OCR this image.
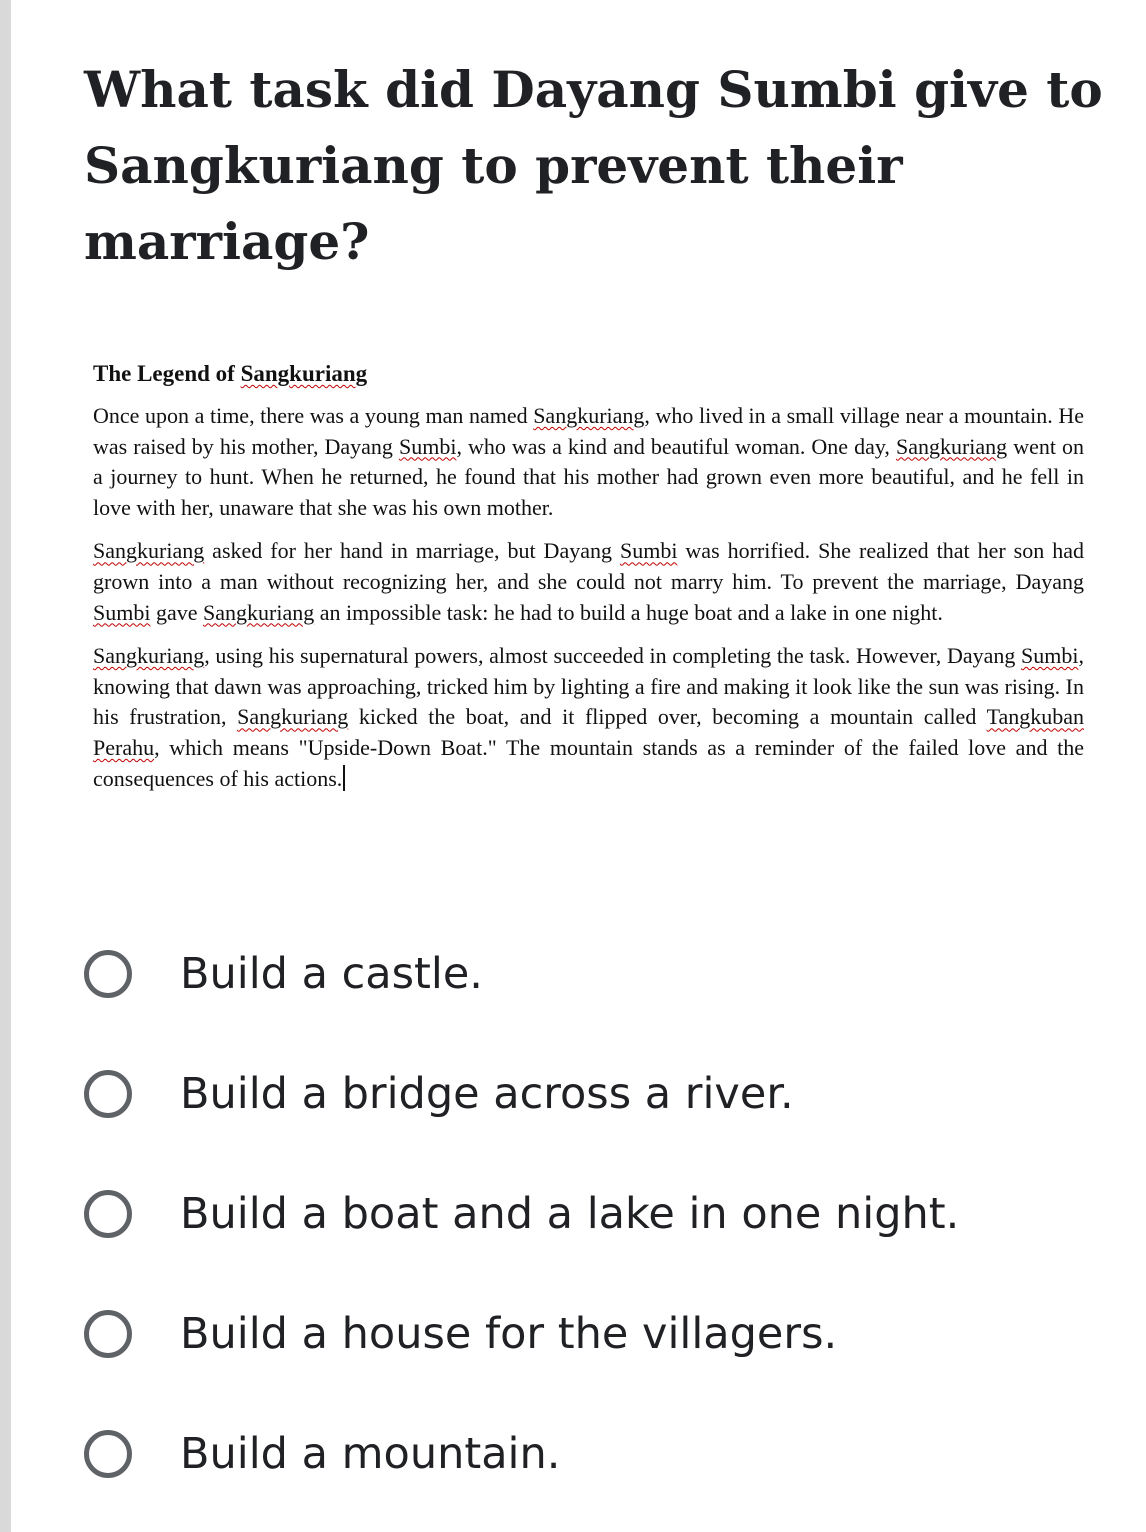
What task did Dayang Sumbi give to Sangkuriang to prevent their marriage?

The Legend of Sangkuriang

Once upon a time, there was a young man named Sangkuriang, who lived in a small village near a mountain. He was raised by his mother, Dayang Sumbi, who was a kind and beautiful woman. One day, Sangkuriang went on a journey to hunt. When he returned, he found that his mother had grown even more beautiful, and he fell in love with her, unaware that she was his own mother.

Sangkuriang asked for her hand in marriage, but Dayang Sumbi was horrified. She realized that her son had grown into a man without recognizing her, and she could not marry him. To prevent the marriage, Dayang Sumbi gave Sangkuriang an impossible task: he had to build a huge boat and a lake in one night.

Sangkuriang, using his supernatural powers, almost succeeded in completing the task. However, Dayang Sumbi, knowing that dawn was approaching, tricked him by lighting a fire and making it look like the sun was rising. In his frustration, Sangkuriang kicked the boat, and it flipped over, becoming a mountain called Tangkuban Perahu, which means "Upside-Down Boat." The mountain stands as a reminder of the failed love and the consequences of his actions.

Build a castle.
Build a bridge across a river.
Build a boat and a lake in one night.
Build a house for the villagers.
Build a mountain.
